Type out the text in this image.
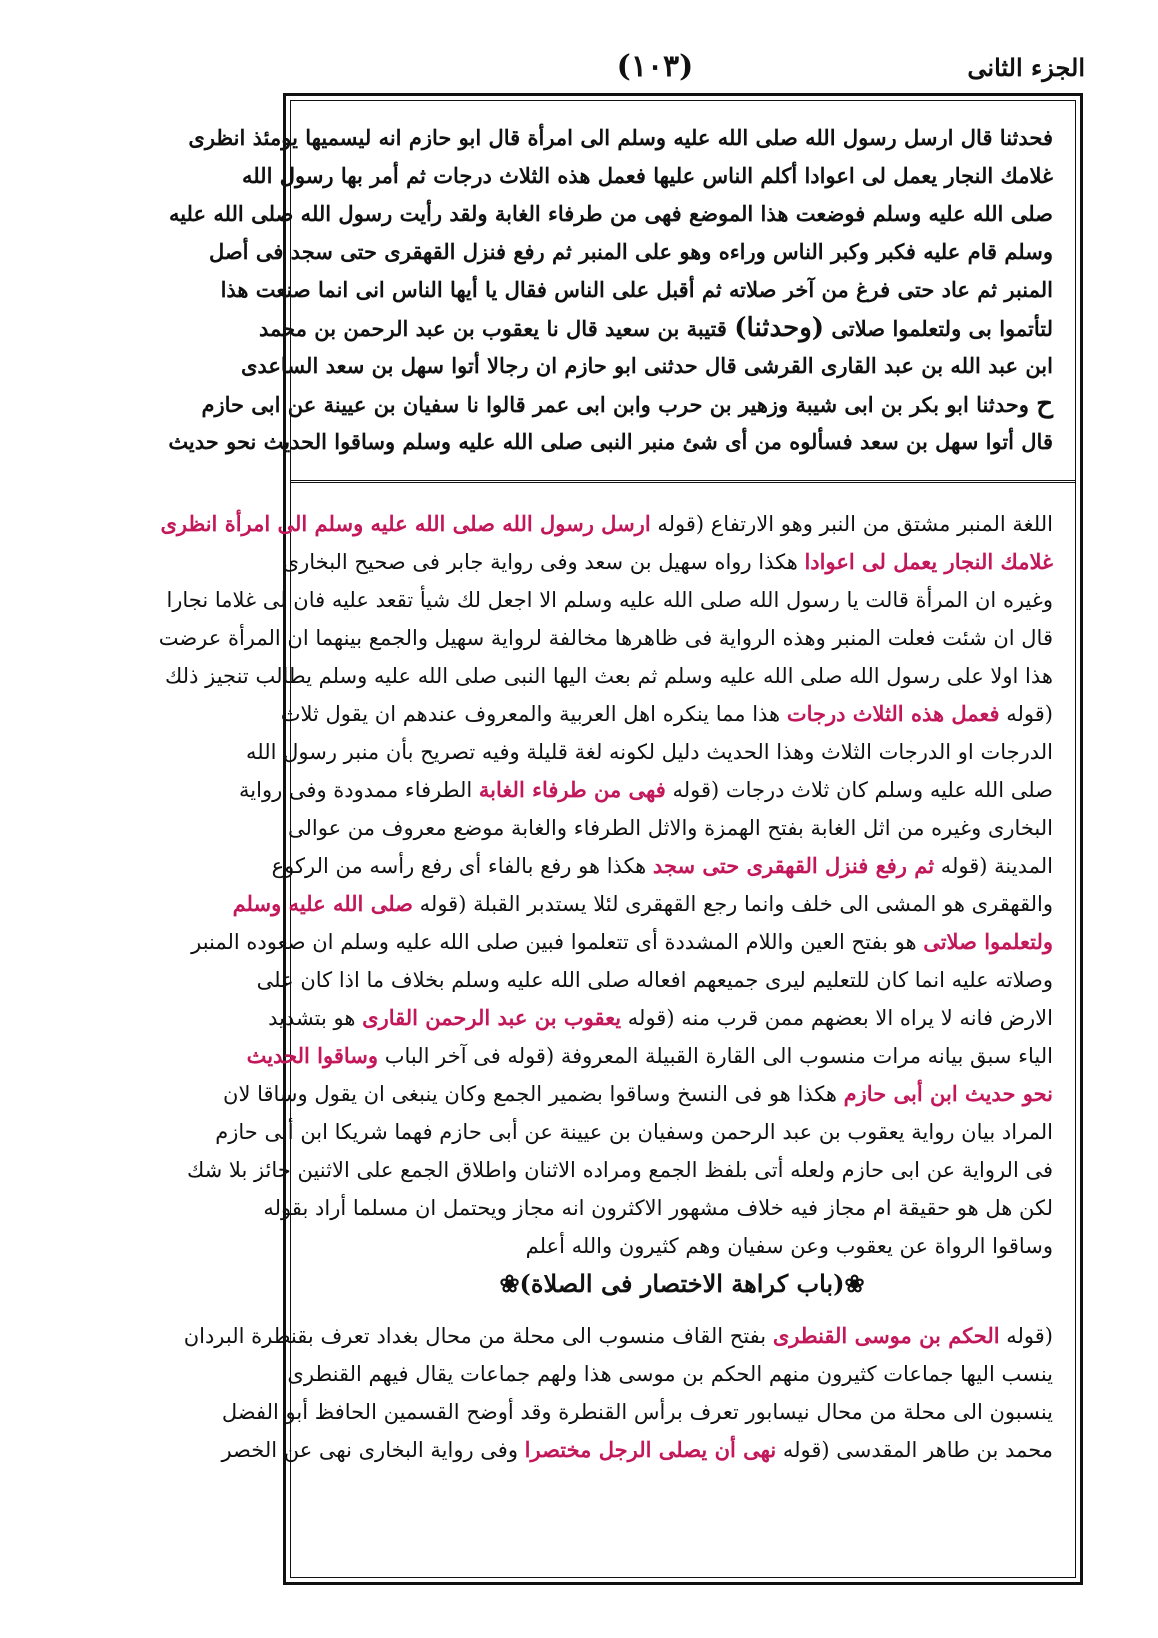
الجزء الثانى
(١٠٣)
فحدثنا قال ارسل رسول الله صلى الله عليه وسلم الى امرأة قال ابو حازم انه ليسميها يومئذ انظرى
غلامك النجار يعمل لى اعوادا أكلم الناس عليها فعمل هذه الثلاث درجات ثم أمر بها رسول الله
صلى الله عليه وسلم فوضعت هذا الموضع فهى من طرفاء الغابة ولقد رأيت رسول الله صلى الله عليه
وسلم قام عليه فكبر وكبر الناس وراءه وهو على المنبر ثم رفع فنزل القهقرى حتى سجد فى أصل
المنبر ثم عاد حتى فرغ من آخر صلاته ثم أقبل على الناس فقال يا أيها الناس انى انما صنعت هذا
لتأتموا بى ولتعلموا صلاتى (وحدثنا) قتيبة بن سعيد قال نا يعقوب بن عبد الرحمن بن محمد
ابن عبد الله بن عبد القارى القرشى قال حدثنى ابو حازم ان رجالا أتوا سهل بن سعد الساعدى
ح وحدثنا ابو بكر بن ابى شيبة وزهير بن حرب وابن ابى عمر قالوا نا سفيان بن عيينة عن ابى حازم
قال أتوا سهل بن سعد فسألوه من أى شئ منبر النبى صلى الله عليه وسلم وساقوا الحديث نحو حديث
اللغة المنبر مشتق من النبر وهو الارتفاع (قوله ارسل رسول الله صلى الله عليه وسلم الى امرأة انظرى
غلامك النجار يعمل لى اعوادا هكذا رواه سهيل بن سعد وفى رواية جابر فى صحيح البخارى
وغيره ان المرأة قالت يا رسول الله صلى الله عليه وسلم الا اجعل لك شيأ تقعد عليه فان لى غلاما نجارا
قال ان شئت فعلت المنبر وهذه الرواية فى ظاهرها مخالفة لرواية سهيل والجمع بينهما ان المرأة عرضت
هذا اولا على رسول الله صلى الله عليه وسلم ثم بعث اليها النبى صلى الله عليه وسلم يطالب تنجيز ذلك
(قوله فعمل هذه الثلاث درجات هذا مما ينكره اهل العربية والمعروف عندهم ان يقول ثلاث
الدرجات او الدرجات الثلاث وهذا الحديث دليل لكونه لغة قليلة وفيه تصريح بأن منبر رسول الله
صلى الله عليه وسلم كان ثلاث درجات (قوله فهى من طرفاء الغابة الطرفاء ممدودة وفى رواية
البخارى وغيره من اثل الغابة بفتح الهمزة والاثل الطرفاء والغابة موضع معروف من عوالى
المدينة (قوله ثم رفع فنزل القهقرى حتى سجد هكذا هو رفع بالفاء أى رفع رأسه من الركوع
والقهقرى هو المشى الى خلف وانما رجع القهقرى لئلا يستدبر القبلة (قوله صلى الله عليه وسلم
ولتعلموا صلاتى هو بفتح العين واللام المشددة أى تتعلموا فبين صلى الله عليه وسلم ان صعوده المنبر
وصلاته عليه انما كان للتعليم ليرى جميعهم افعاله صلى الله عليه وسلم بخلاف ما اذا كان على
الارض فانه لا يراه الا بعضهم ممن قرب منه (قوله يعقوب بن عبد الرحمن القارى هو بتشديد
الياء سبق بيانه مرات منسوب الى القارة القبيلة المعروفة (قوله فى آخر الباب وساقوا الحديث
نحو حديث ابن أبى حازم هكذا هو فى النسخ وساقوا بضمير الجمع وكان ينبغى ان يقول وساقا لان
المراد بيان رواية يعقوب بن عبد الرحمن وسفيان بن عيينة عن أبى حازم فهما شريكا ابن أبى حازم
فى الرواية عن ابى حازم ولعله أتى بلفظ الجمع ومراده الاثنان واطلاق الجمع على الاثنين جائز بلا شك
لكن هل هو حقيقة ام مجاز فيه خلاف مشهور الاكثرون انه مجاز ويحتمل ان مسلما أراد بقوله
وساقوا الرواة عن يعقوب وعن سفيان وهم كثيرون والله أعلم
❀(باب كراهة الاختصار فى الصلاة)❀
(قوله الحكم بن موسى القنطرى بفتح القاف منسوب الى محلة من محال بغداد تعرف بقنطرة البردان
ينسب اليها جماعات كثيرون منهم الحكم بن موسى هذا ولهم جماعات يقال فيهم القنطرى
ينسبون الى محلة من محال نيسابور تعرف برأس القنطرة وقد أوضح القسمين الحافظ أبو الفضل
محمد بن طاهر المقدسى (قوله نهى أن يصلى الرجل مختصرا وفى رواية البخارى نهى عن الخصر
